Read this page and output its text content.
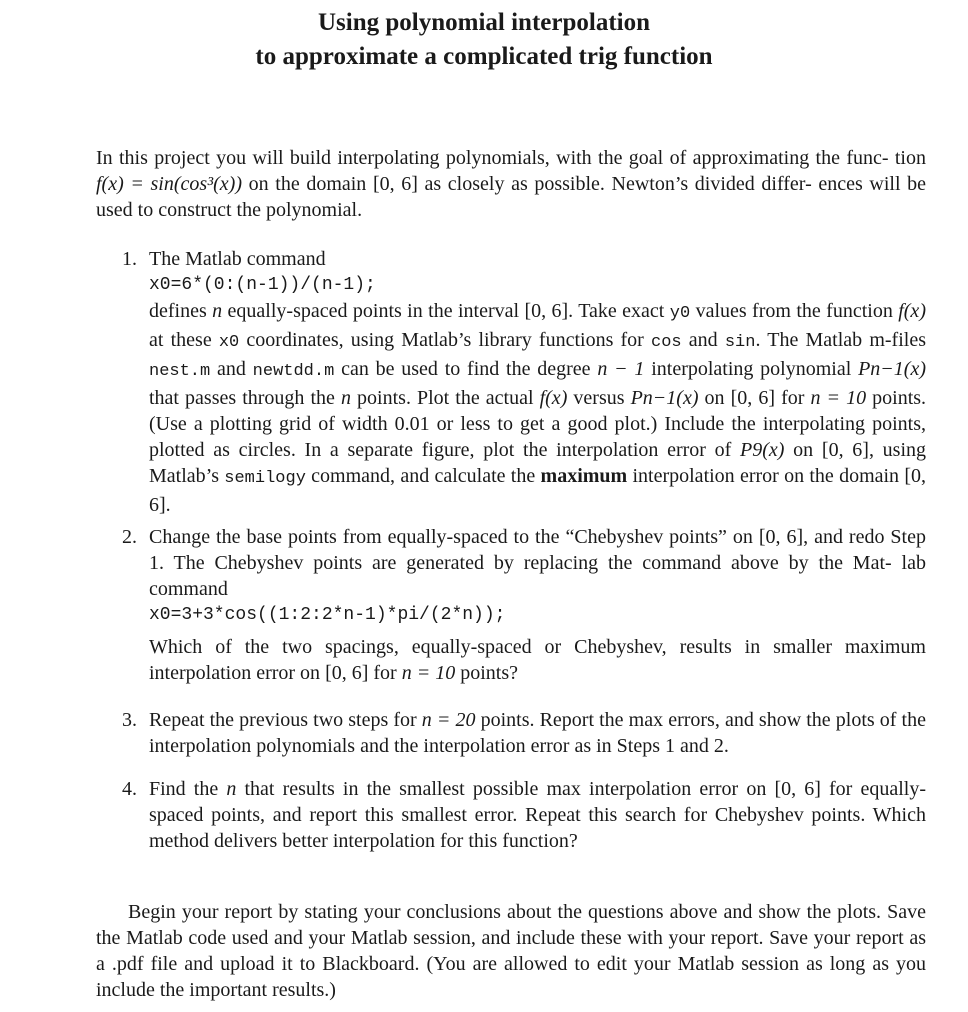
Using polynomial interpolation
to approximate a complicated trig function
In this project you will build interpolating polynomials, with the goal of approximating the func- tion f(x) = sin(cos³(x)) on the domain [0, 6] as closely as possible. Newton’s divided differ- ences will be used to construct the polynomial.
1. The Matlab command
x0=6*(0:(n-1))/(n-1);
defines n equally-spaced points in the interval [0, 6]. Take exact y0 values from the function f(x) at these x0 coordinates, using Matlab’s library functions for cos and sin. The Matlab m-files nest.m and newtdd.m can be used to find the degree n − 1 interpolating polynomial Pn−1(x) that passes through the n points. Plot the actual f(x) versus Pn−1(x) on [0, 6] for n = 10 points. (Use a plotting grid of width 0.01 or less to get a good plot.) Include the interpolating points, plotted as circles. In a separate figure, plot the interpolation error of P9(x) on [0, 6], using Matlab’s semilogy command, and calculate the maximum interpolation error on the domain [0, 6].
2. Change the base points from equally-spaced to the “Chebyshev points” on [0, 6], and redo Step 1. The Chebyshev points are generated by replacing the command above by the Mat- lab command
x0=3+3*cos((1:2:2*n-1)*pi/(2*n));
Which of the two spacings, equally-spaced or Chebyshev, results in smaller maximum interpolation error on [0, 6] for n = 10 points?
3. Repeat the previous two steps for n = 20 points. Report the max errors, and show the plots of the interpolation polynomials and the interpolation error as in Steps 1 and 2.
4. Find the n that results in the smallest possible max interpolation error on [0, 6] for equally- spaced points, and report this smallest error. Repeat this search for Chebyshev points. Which method delivers better interpolation for this function?
Begin your report by stating your conclusions about the questions above and show the plots. Save the Matlab code used and your Matlab session, and include these with your report. Save your report as a .pdf file and upload it to Blackboard. (You are allowed to edit your Matlab session as long as you include the important results.)
